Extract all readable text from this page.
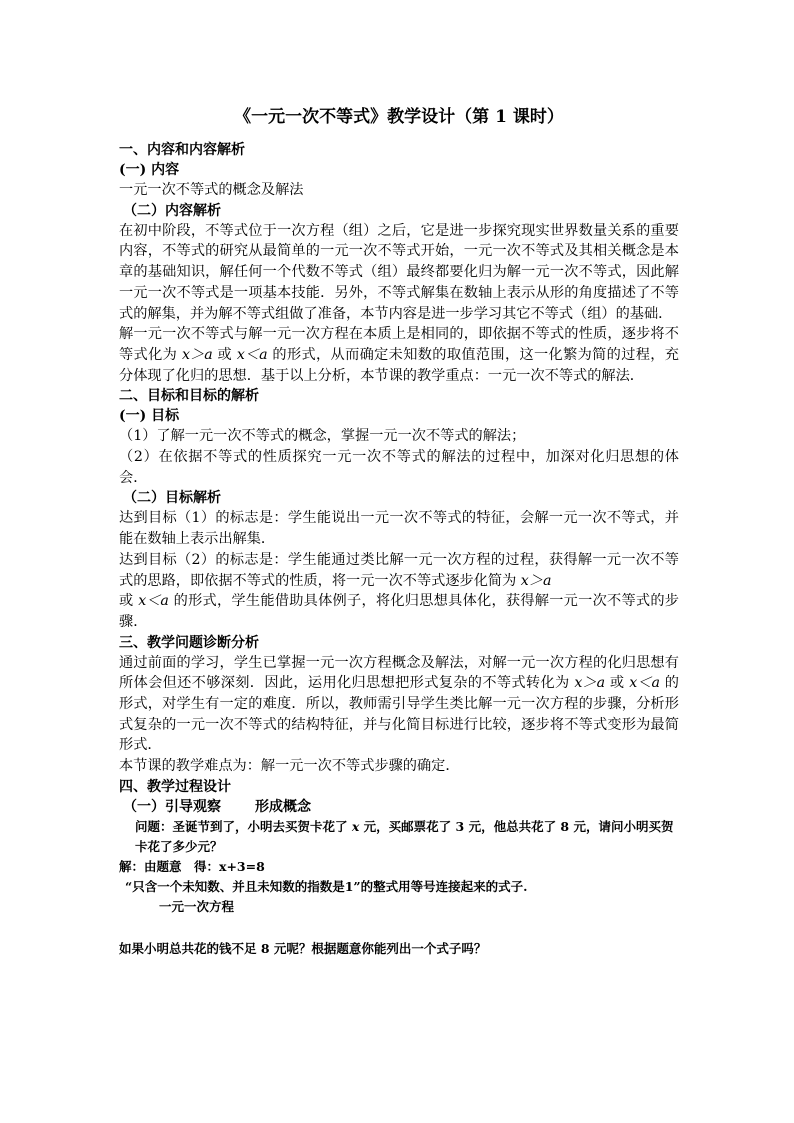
《一元一次不等式》教学设计（第 1 课时）
一、内容和内容解析
(一) 内容
一元一次不等式的概念及解法
（二）内容解析
在初中阶段，不等式位于一次方程（组）之后，它是进一步探究现实世界数量关系的重要内容，不等式的研究从最简单的一元一次不等式开始，一元一次不等式及其相关概念是本章的基础知识，解任何一个代数不等式（组）最终都要化归为解一元一次不等式，因此解一元一次不等式是一项基本技能．另外，不等式解集在数轴上表示从形的角度描述了不等式的解集，并为解不等式组做了准备，本节内容是进一步学习其它不等式（组）的基础．
解一元一次不等式与解一元一次方程在本质上是相同的，即依据不等式的性质，逐步将不等式化为 x＞a 或 x＜a 的形式，从而确定未知数的取值范围，这一化繁为简的过程，充分体现了化归的思想．基于以上分析，本节课的教学重点：一元一次不等式的解法．
二、目标和目标的解析
(一) 目标
（1）了解一元一次不等式的概念，掌握一元一次不等式的解法；
（2）在依据不等式的性质探究一元一次不等式的解法的过程中，加深对化归思想的体会．
（二）目标解析
达到目标（1）的标志是：学生能说出一元一次不等式的特征，会解一元一次不等式，并能在数轴上表示出解集．
达到目标（2）的标志是：学生能通过类比解一元一次方程的过程，获得解一元一次不等式的思路，即依据不等式的性质，将一元一次不等式逐步化简为 x＞a
或 x＜a 的形式，学生能借助具体例子，将化归思想具体化，获得解一元一次不等式的步骤．
三、教学问题诊断分析
通过前面的学习，学生已掌握一元一次方程概念及解法，对解一元一次方程的化归思想有所体会但还不够深刻．因此，运用化归思想把形式复杂的不等式转化为 x＞a 或 x＜a 的形式，对学生有一定的难度．所以，教师需引导学生类比解一元一次方程的步骤，分析形式复杂的一元一次不等式的结构特征，并与化简目标进行比较，逐步将不等式变形为最简形式．
本节课的教学难点为：解一元一次不等式步骤的确定．
四、教学过程设计
（一）引导观察 形成概念
问题：圣诞节到了，小明去买贺卡花了 x 元，买邮票花了 3 元，他总共花了 8 元，请问小明买贺卡花了多少元？
解：由题意　得：x+3=8
“只含一个未知数、并且未知数的指数是1”的整式用等号连接起来的式子.
一元一次方程
如果小明总共花的钱不足 8 元呢？根据题意你能列出一个式子吗？
